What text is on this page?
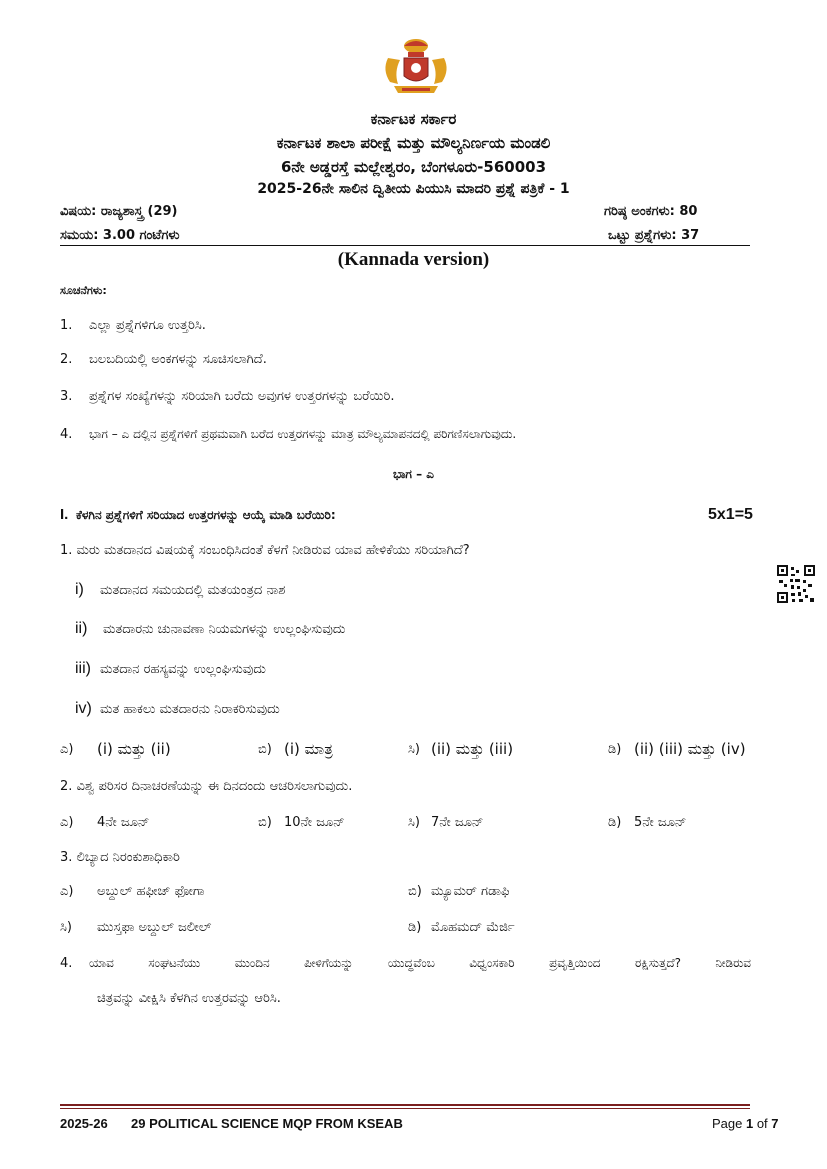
ಕರ್ನಾಟಕ ಸರ್ಕಾರ
ಕರ್ನಾಟಕ ಶಾಲಾ ಪರೀಕ್ಷೆ ಮತ್ತು ಮೌಲ್ಯನಿರ್ಣಯ ಮಂಡಲಿ
6ನೇ ಅಡ್ಡರಸ್ತೆ ಮಲ್ಲೇಶ್ವರಂ, ಬೆಂಗಳೂರು-560003
2025-26ನೇ ಸಾಲಿನ ದ್ವಿತೀಯ ಪಿಯುಸಿ ಮಾದರಿ ಪ್ರಶ್ನೆ ಪತ್ರಿಕೆ - 1
ವಿಷಯ: ರಾಜ್ಯಶಾಸ್ತ್ರ (29)	ಗರಿಷ್ಠ ಅಂಕಗಳು: 80
ಸಮಯ: 3.00 ಗಂಟೆಗಳು	ಒಟ್ಟು ಪ್ರಶ್ನೆಗಳು: 37
(Kannada version)
ಸೂಚನೆಗಳು:
1. ಎಲ್ಲಾ ಪ್ರಶ್ನೆಗಳಿಗೂ ಉತ್ತರಿಸಿ.
2. ಬಲಬದಿಯಲ್ಲಿ ಅಂಕಗಳನ್ನು ಸೂಚಿಸಲಾಗಿದೆ.
3. ಪ್ರಶ್ನೆಗಳ ಸಂಖ್ಯೆಗಳನ್ನು ಸರಿಯಾಗಿ ಬರೆದು ಅವುಗಳ ಉತ್ತರಗಳನ್ನು ಬರೆಯಿರಿ.
4. ಭಾಗ – ಎ ದಲ್ಲಿನ ಪ್ರಶ್ನೆಗಳಿಗೆ ಪ್ರಥಮವಾಗಿ ಬರೆದ ಉತ್ತರಗಳನ್ನು ಮಾತ್ರ ಮೌಲ್ಯಮಾಪನದಲ್ಲಿ ಪರಿಗಣಿಸಲಾಗುವುದು.
ಭಾಗ – ಎ
I. ಕೆಳಗಿನ ಪ್ರಶ್ನೆಗಳಿಗೆ ಸರಿಯಾದ ಉತ್ತರಗಳನ್ನು ಆಯ್ಕೆ ಮಾಡಿ ಬರೆಯಿರಿ:	5x1=5
1. ಮರು ಮತದಾನದ ವಿಷಯಕ್ಕೆ ಸಂಬಂಧಿಸಿದಂತೆ ಕೆಳಗೆ ನೀಡಿರುವ ಯಾವ ಹೇಳಿಕೆಯು ಸರಿಯಾಗಿದೆ?
i) ಮತದಾನದ ಸಮಯದಲ್ಲಿ ಮತಯಂತ್ರದ ನಾಶ
ii) ಮತದಾರನು ಚುನಾವಣಾ ನಿಯಮಗಳನ್ನು ಉಲ್ಲಂಘಿಸುವುದು
iii) ಮತದಾನ ರಹಸ್ಯವನ್ನು ಉಲ್ಲಂಘಿಸುವುದು
iv) ಮತ ಹಾಕಲು ಮತದಾರನು ನಿರಾಕರಿಸುವುದು
ಎ) (i) ಮತ್ತು (ii)	ಬಿ) (i) ಮಾತ್ರ	ಸಿ) (ii) ಮತ್ತು (iii)	ಡಿ) (ii) (iii) ಮತ್ತು (iv)
2. ವಿಶ್ವ ಪರಿಸರ ದಿನಾಚರಣೆಯನ್ನು ಈ ದಿನದಂದು ಆಚರಿಸಲಾಗುವುದು.
ಎ) 4ನೇ ಜೂನ್	ಬಿ) 10ನೇ ಜೂನ್	ಸಿ) 7ನೇ ಜೂನ್	ಡಿ) 5ನೇ ಜೂನ್
3. ಲಿಬ್ಯಾದ ನಿರಂಕುಶಾಧಿಕಾರಿ
ಎ) ಅಬ್ದುಲ್ ಹಫೀಜ್ ಫೋಗಾ	ಬಿ) ಮ್ಯೂಮರ್ ಗಡಾಫಿ
ಸಿ) ಮುಸ್ತಫಾ ಅಬ್ದುಲ್ ಜಲೀಲ್	ಡಿ) ಮೊಹಮದ್ ಮೆರ್ಜಿ
4. ಯಾವ ಸಂಘಟನೆಯು ಮುಂದಿನ ಪೀಳಿಗೆಯನ್ನು ಯುದ್ಧವೆಂಬ ವಿಧ್ವಂಸಕಾರಿ ಪ್ರವೃತ್ತಿಯಿಂದ ರಕ್ಷಿಸುತ್ತದೆ? ನೀಡಿರುವ
ಚಿತ್ರವನ್ನು ವೀಕ್ಷಿಸಿ ಕೆಳಗಿನ ಉತ್ತರವನ್ನು ಆರಿಸಿ.
2025-26 29 POLITICAL SCIENCE MQP FROM KSEAB	Page 1 of 7
